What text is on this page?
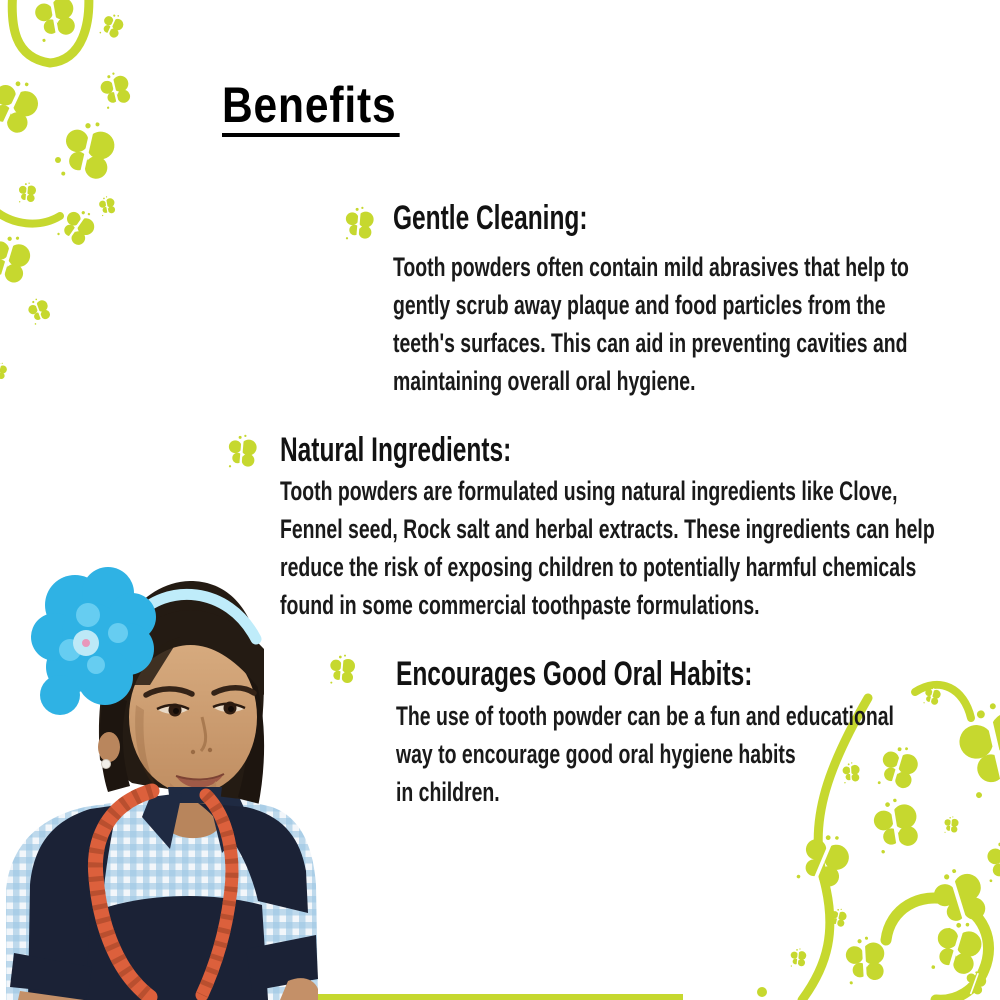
Benefits
Gentle Cleaning:
Tooth powders often contain mild abrasives that help to
gently scrub away plaque and food particles from the
teeth's surfaces. This can aid in preventing cavities and
maintaining overall oral hygiene.
Natural Ingredients:
Tooth powders are formulated using natural ingredients like Clove,
Fennel seed, Rock salt and herbal extracts. These ingredients can help
reduce the risk of exposing children to potentially harmful chemicals
found in some commercial toothpaste formulations.
Encourages Good Oral Habits:
The use of tooth powder can be a fun and educational
way to encourage good oral hygiene habits
in children.
